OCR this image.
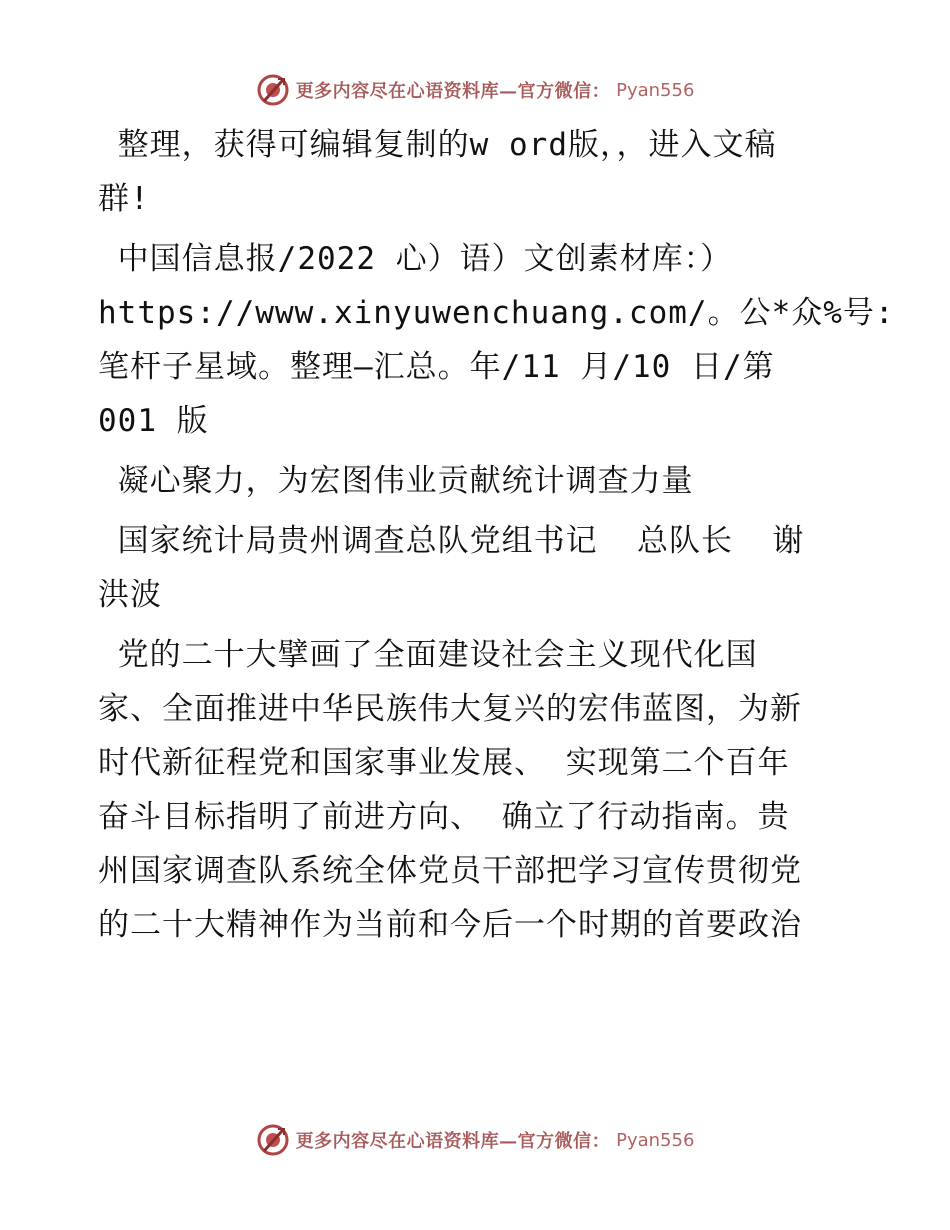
更多内容尽在心语资料库—官方微信： Pyan556

整理，获得可编辑复制的w ord版，，进入文稿
群!

中国信息报/2022 心）语）文创素材库：）
https://www.xinyuwenchuang.com/。公*众%号:
笔杆子星域。整理—汇总。年/11 月/10 日/第
001 版

凝心聚力，为宏图伟业贡献统计调查力量

国家统计局贵州调查总队党组书记  总队长  谢
洪波

党的二十大擘画了全面建设社会主义现代化国
家、全面推进中华民族伟大复兴的宏伟蓝图，为新
时代新征程党和国家事业发展、 实现第二个百年
奋斗目标指明了前进方向、 确立了行动指南。贵
州国家调查队系统全体党员干部把学习宣传贯彻党
的二十大精神作为当前和今后一个时期的首要政治

更多内容尽在心语资料库—官方微信： Pyan556
